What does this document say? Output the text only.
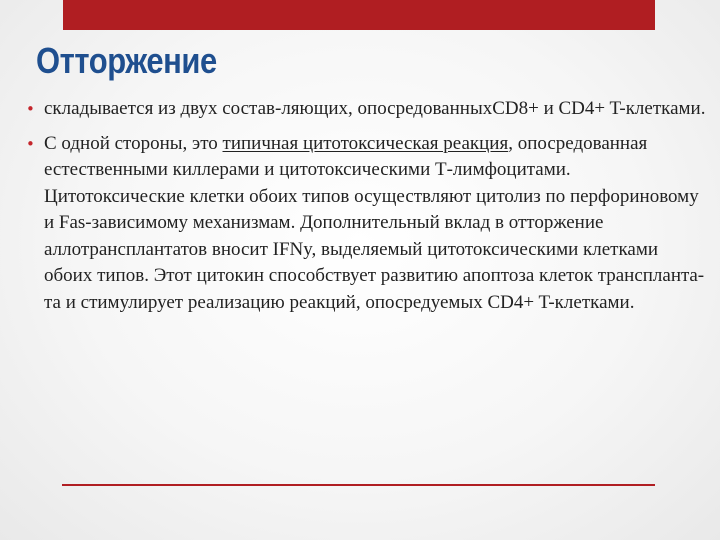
Отторжение
• складывается из двух состав-ляющих, опосредованныхCD8+ и CD4+ T-клетками.
• С одной стороны, это типичная цитотоксическая реакция, опосредованная естественными киллерами и цитотоксическими Т-лимфоцитами. Цитотоксические клетки обоих типов осуществляют цитолиз по перфориновому и Fas-зависимому механизмам. Дополнительный вклад в отторжение аллотрансплантатов вносит IFNy, выделяемый цитотоксическими клетками обоих типов. Этот цитокин способствует развитию апоптоза клеток трансплантa-та и стимулирует реализацию реакций, опосредуемых CD4+ T-клетками.
